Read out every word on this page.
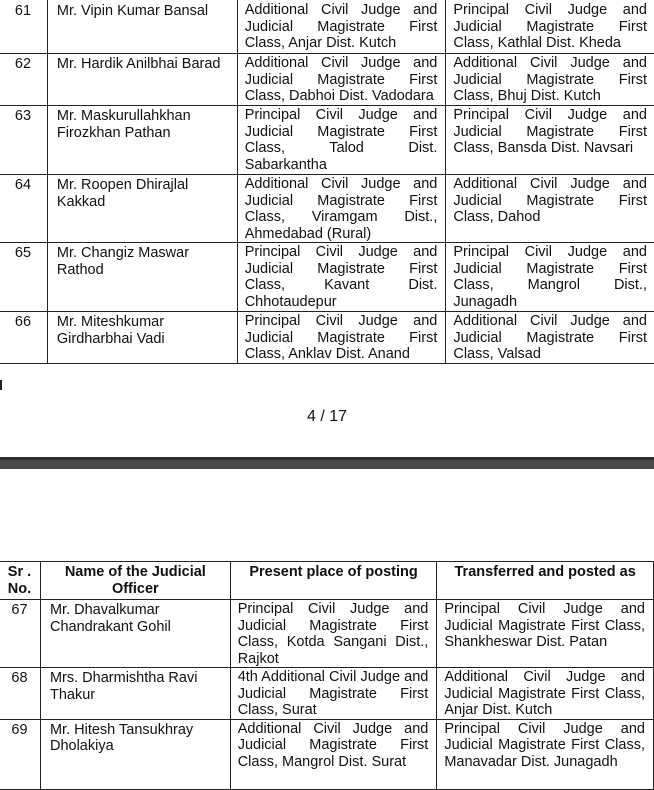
61	Mr. Vipin Kumar Bansal	Additional Civil Judge and Judicial Magistrate First Class, Anjar Dist. Kutch	Principal Civil Judge and Judicial Magistrate First Class, Kathlal Dist. Kheda
62	Mr. Hardik Anilbhai Barad	Additional Civil Judge and Judicial Magistrate First Class, Dabhoi Dist. Vadodara	Additional Civil Judge and Judicial Magistrate First Class, Bhuj Dist. Kutch
63	Mr. Maskurullahkhan Firozkhan Pathan	Principal Civil Judge and Judicial Magistrate First Class, Talod Dist. Sabarkantha	Principal Civil Judge and Judicial Magistrate First Class, Bansda Dist. Navsari
64	Mr. Roopen Dhirajlal Kakkad	Additional Civil Judge and Judicial Magistrate First Class, Viramgam Dist., Ahmedabad (Rural)	Additional Civil Judge and Judicial Magistrate First Class, Dahod
65	Mr. Changiz Maswar Rathod	Principal Civil Judge and Judicial Magistrate First Class, Kavant Dist. Chhotaudepur	Principal Civil Judge and Judicial Magistrate First Class, Mangrol Dist., Junagadh
66	Mr. Miteshkumar Girdharbhai Vadi	Principal Civil Judge and Judicial Magistrate First Class, Anklav Dist. Anand	Additional Civil Judge and Judicial Magistrate First Class, Valsad
4 / 17
Sr . No.	Name of the Judicial Officer	Present place of posting	Transferred and posted as
67	Mr. Dhavalkumar Chandrakant Gohil	Principal Civil Judge and Judicial Magistrate First Class, Kotda Sangani Dist., Rajkot	Principal Civil Judge and Judicial Magistrate First Class, Shankheswar Dist. Patan
68	Mrs. Dharmishtha Ravi Thakur	4th Additional Civil Judge and Judicial Magistrate First Class, Surat	Additional Civil Judge and Judicial Magistrate First Class, Anjar Dist. Kutch
69	Mr. Hitesh Tansukhray Dholakiya	Additional Civil Judge and Judicial Magistrate First Class, Mangrol Dist. Surat	Principal Civil Judge and Judicial Magistrate First Class, Manavadar Dist. Junagadh
